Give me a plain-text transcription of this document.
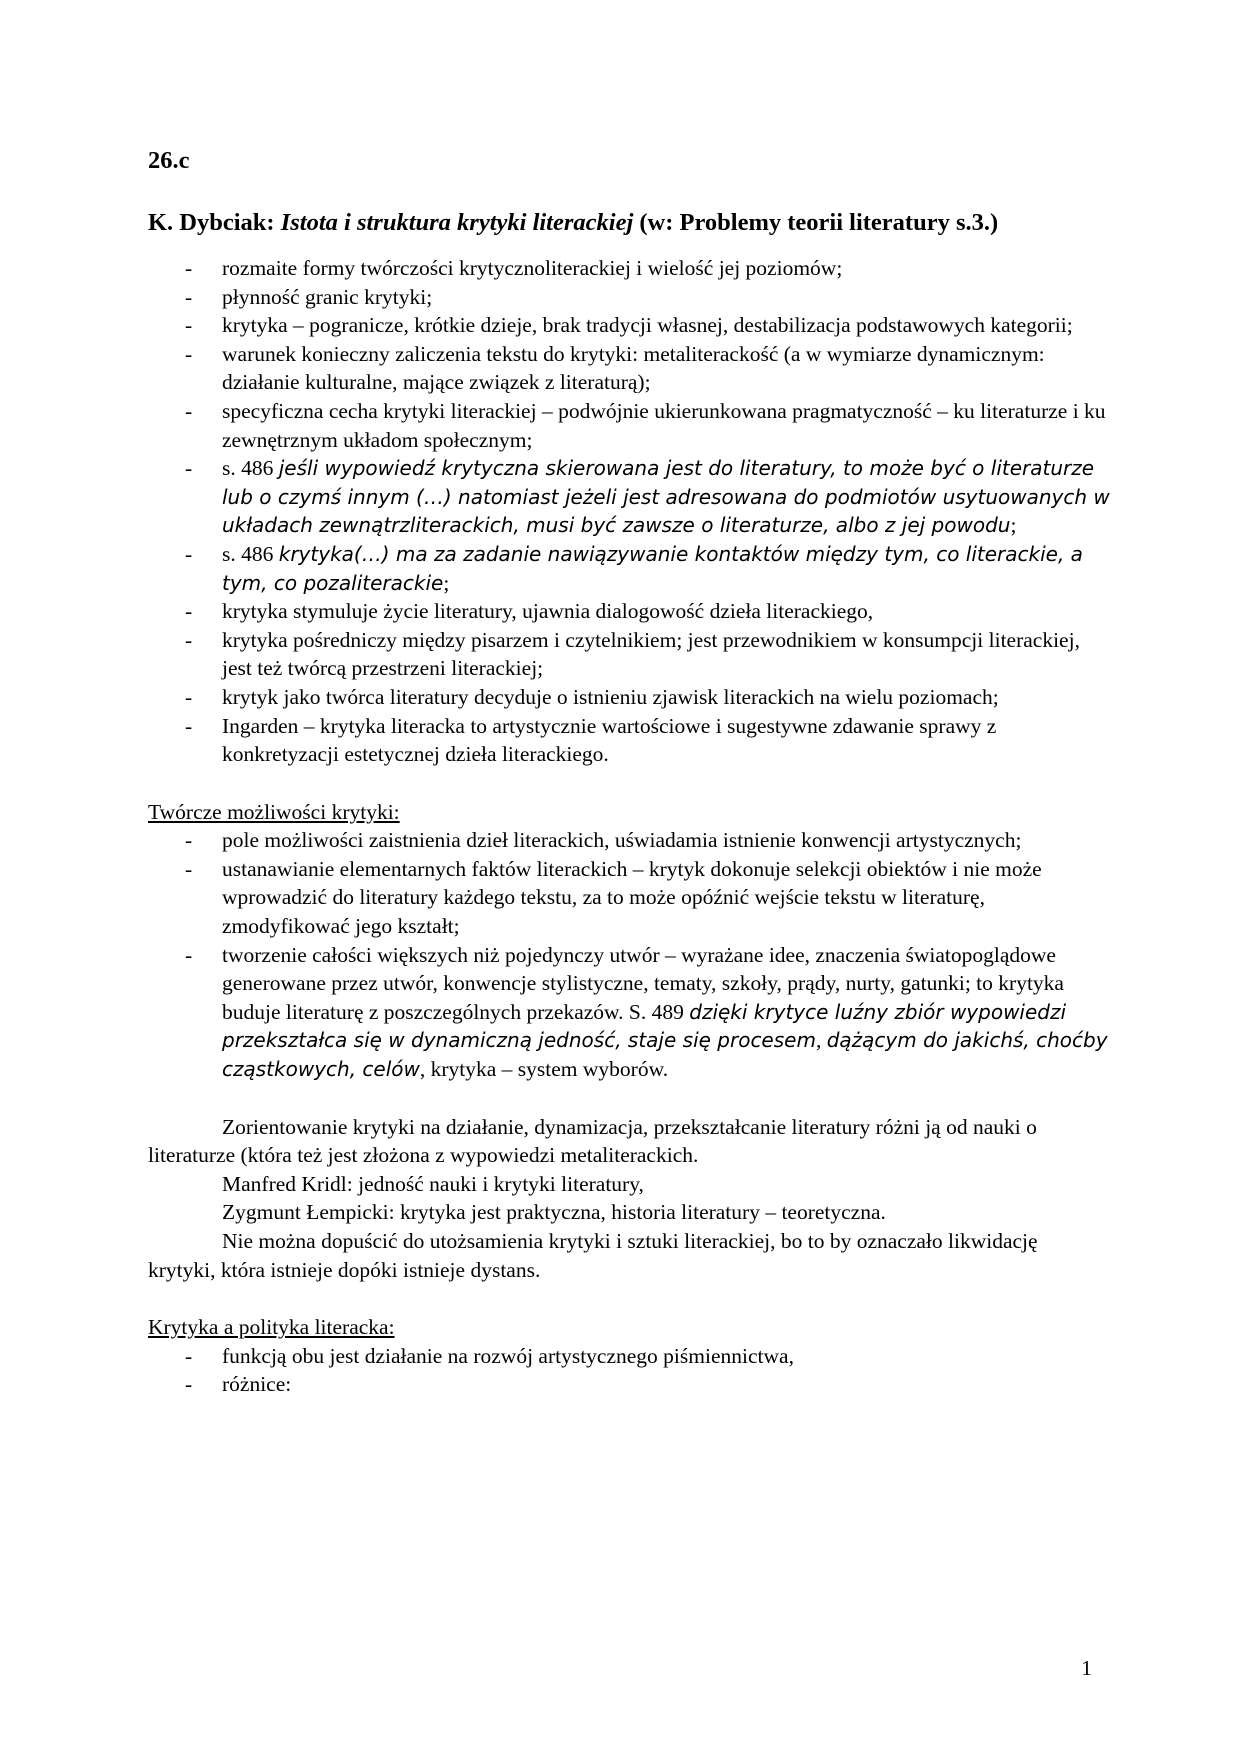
26.c
K. Dybciak: Istota i struktura krytyki literackiej (w: Problemy teorii literatury s.3.)
- rozmaite formy twórczości krytycznoliterackiej i wielość jej poziomów;
- płynność granic krytyki;
- krytyka – pogranicze, krótkie dzieje, brak tradycji własnej, destabilizacja podstawowych kategorii;
- warunek konieczny zaliczenia tekstu do krytyki: metaliterackość (a w wymiarze dynamicznym: działanie kulturalne, mające związek z literaturą);
- specyficzna cecha krytyki literackiej – podwójnie ukierunkowana pragmatyczność – ku literaturze i ku zewnętrznym układom społecznym;
- s. 486 jeśli wypowiedź krytyczna skierowana jest do literatury, to może być o literaturze lub o czymś innym (…) natomiast jeżeli jest adresowana do podmiotów usytuowanych w układach zewnątrzliterackich, musi być zawsze o literaturze, albo z jej powodu;
- s. 486 krytyka(…) ma za zadanie nawiązywanie kontaktów między tym, co literackie, a tym, co pozaliterackie;
- krytyka stymuluje życie literatury, ujawnia dialogowość dzieła literackiego,
- krytyka pośredniczy między pisarzem i czytelnikiem; jest przewodnikiem w konsumpcji literackiej, jest też twórcą przestrzeni literackiej;
- krytyk jako twórca literatury decyduje o istnieniu zjawisk literackich na wielu poziomach;
- Ingarden – krytyka literacka to artystycznie wartościowe i sugestywne zdawanie sprawy z konkretyzacji estetycznej dzieła literackiego.
Twórcze możliwości krytyki:
- pole możliwości zaistnienia dzieł literackich, uświadamia istnienie konwencji artystycznych;
- ustanawianie elementarnych faktów literackich – krytyk dokonuje selekcji obiektów i nie może wprowadzić do literatury każdego tekstu, za to może opóźnić wejście tekstu w literaturę, zmodyfikować jego kształt;
- tworzenie całości większych niż pojedynczy utwór – wyrażane idee, znaczenia światopoglądowe generowane przez utwór, konwencje stylistyczne, tematy, szkoły, prądy, nurty, gatunki; to krytyka buduje literaturę z poszczególnych przekazów. S. 489 dzięki krytyce luźny zbiór wypowiedzi przekształca się w dynamiczną jedność, staje się procesem, dążącym do jakichś, choćby cząstkowych, celów, krytyka – system wyborów.

Zorientowanie krytyki na działanie, dynamizacja, przekształcanie literatury różni ją od nauki o literaturze (która też jest złożona z wypowiedzi metaliterackich.

Manfred Kridl: jedność nauki i krytyki literatury,

Zygmunt Łempicki: krytyka jest praktyczna, historia literatury – teoretyczna.

Nie można dopuścić do utożsamienia krytyki i sztuki literackiej, bo to by oznaczało likwidację krytyki, która istnieje dopóki istnieje dystans.

Krytyka a polityka literacka:
- funkcją obu jest działanie na rozwój artystycznego piśmiennictwa,
- różnice:
1
